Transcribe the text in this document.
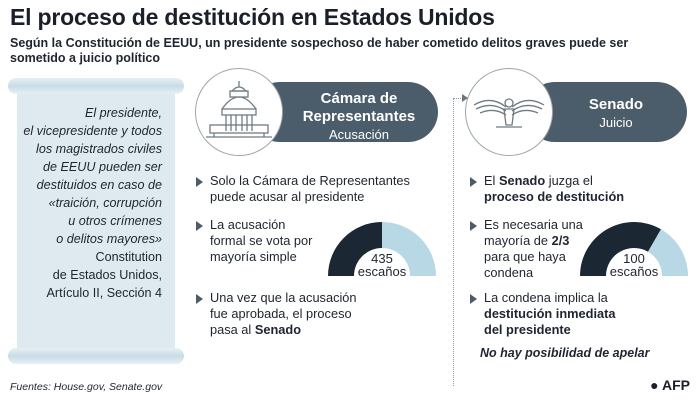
El proceso de destitución en Estados Unidos
Según la Constitución de EEUU, un presidente sospechoso de haber cometido delitos graves puede ser
sometido a juicio político
El presidente,
el vicepresidente y todos
los magistrados civiles
de EEUU pueden ser
destituidos en caso de
«traición, corrupción
u otros crímenes
o delitos mayores»
Constitution
de Estados Unidos,
Artículo II, Sección 4
Cámara de
Representantes
Acusación
Senado
Juicio
Solo la Cámara de Representantes
puede acusar al presidente
La acusación
formal se vota por
mayoría simple
Una vez que la acusación
fue aprobada, el proceso
pasa al Senado
435
escaños
El Senado juzga el
proceso de destitución
Es necesaria una
mayoría de 2/3
para que haya
condena
La condena implica la
destitución inmediata
del presidente
No hay posibilidad de apelar
100
escaños
Fuentes: House.gov, Senate.gov	● AFP
